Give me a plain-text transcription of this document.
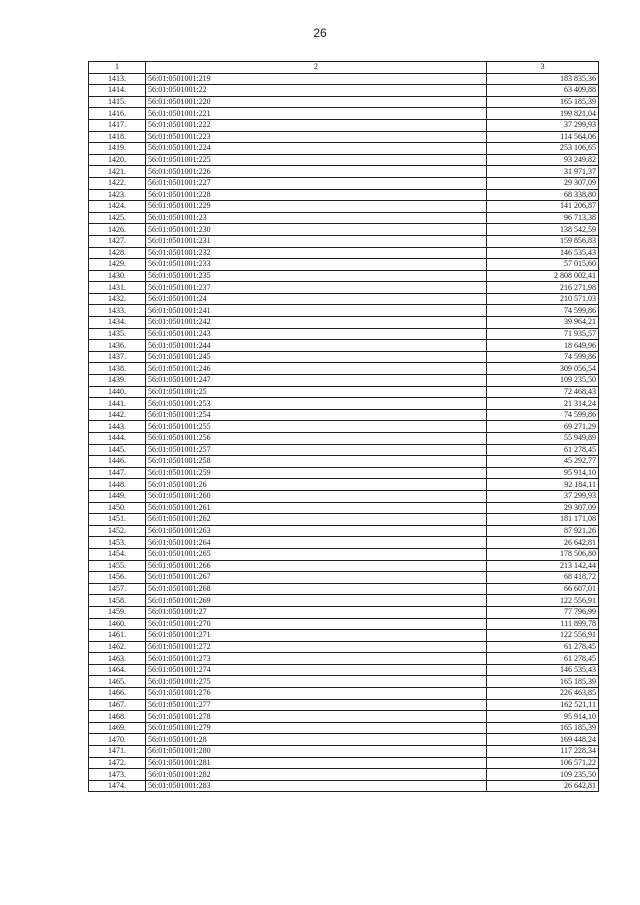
26
1	2	3
1413.	56:01:0501001:219	183 835,36
1414.	56:01:0501001:22	63 409,88
1415.	56:01:0501001:220	165 185,39
1416.	56:01:0501001:221	199 821,04
1417.	56:01:0501001:222	37 299,93
1418.	56:01:0501001:223	114 564,06
1419.	56:01:0501001:224	253 106,65
1420.	56:01:0501001:225	93 249,82
1421.	56:01:0501001:226	31 971,37
1422.	56:01:0501001:227	29 307,09
1423.	56:01:0501001:228	68 338,80
1424.	56:01:0501001:229	141 206,87
1425.	56:01:0501001:23	96 713,38
1426.	56:01:0501001:230	138 542,59
1427.	56:01:0501001:231	159 856,83
1428.	56:01:0501001:232	146 535,43
1429.	56:01:0501001:233	57 015,60
1430.	56:01:0501001:235	2 808 002,41
1431.	56:01:0501001:237	216 271,98
1432.	56:01:0501001:24	210 571,03
1433.	56:01:0501001:241	74 599,86
1434.	56:01:0501001:242	39 964,21
1435.	56:01:0501001:243	71 935,57
1436.	56:01:0501001:244	18 649,96
1437.	56:01:0501001:245	74 599,86
1438.	56:01:0501001:246	309 056,54
1439.	56:01:0501001:247	109 235,50
1440.	56:01:0501001:25	72 468,43
1441.	56:01:0501001:253	21 314,24
1442.	56:01:0501001:254	74 599,86
1443.	56:01:0501001:255	69 271,29
1444.	56:01:0501001:256	55 949,89
1445.	56:01:0501001:257	61 278,45
1446.	56:01:0501001:258	45 292,77
1447.	56:01:0501001:259	95 914,10
1448.	56:01:0501001:26	92 184,11
1449.	56:01:0501001:260	37 299,93
1450.	56:01:0501001:261	29 307,09
1451.	56:01:0501001:262	181 171,08
1452.	56:01:0501001:263	87 921,26
1453.	56:01:0501001:264	26 642,81
1454.	56:01:0501001:265	178 506,80
1455.	56:01:0501001:266	213 142,44
1456.	56:01:0501001:267	68 418,72
1457.	56:01:0501001:268	66 607,01
1458.	56:01:0501001:269	122 556,91
1459.	56:01:0501001:27	77 796,99
1460.	56:01:0501001:270	111 899,78
1461.	56:01:0501001:271	122 556,91
1462.	56:01:0501001:272	61 278,45
1463.	56:01:0501001:273	61 278,45
1464.	56:01:0501001:274	146 535,43
1465.	56:01:0501001:275	165 185,39
1466.	56:01:0501001:276	226 463,85
1467.	56:01:0501001:277	162 521,11
1468.	56:01:0501001:278	95 914,10
1469.	56:01:0501001:279	165 185,39
1470.	56:01:0501001:28	169 448,24
1471.	56:01:0501001:280	117 228,34
1472.	56:01:0501001:281	106 571,22
1473.	56:01:0501001:282	109 235,50
1474.	56:01:0501001:283	26 642,81
